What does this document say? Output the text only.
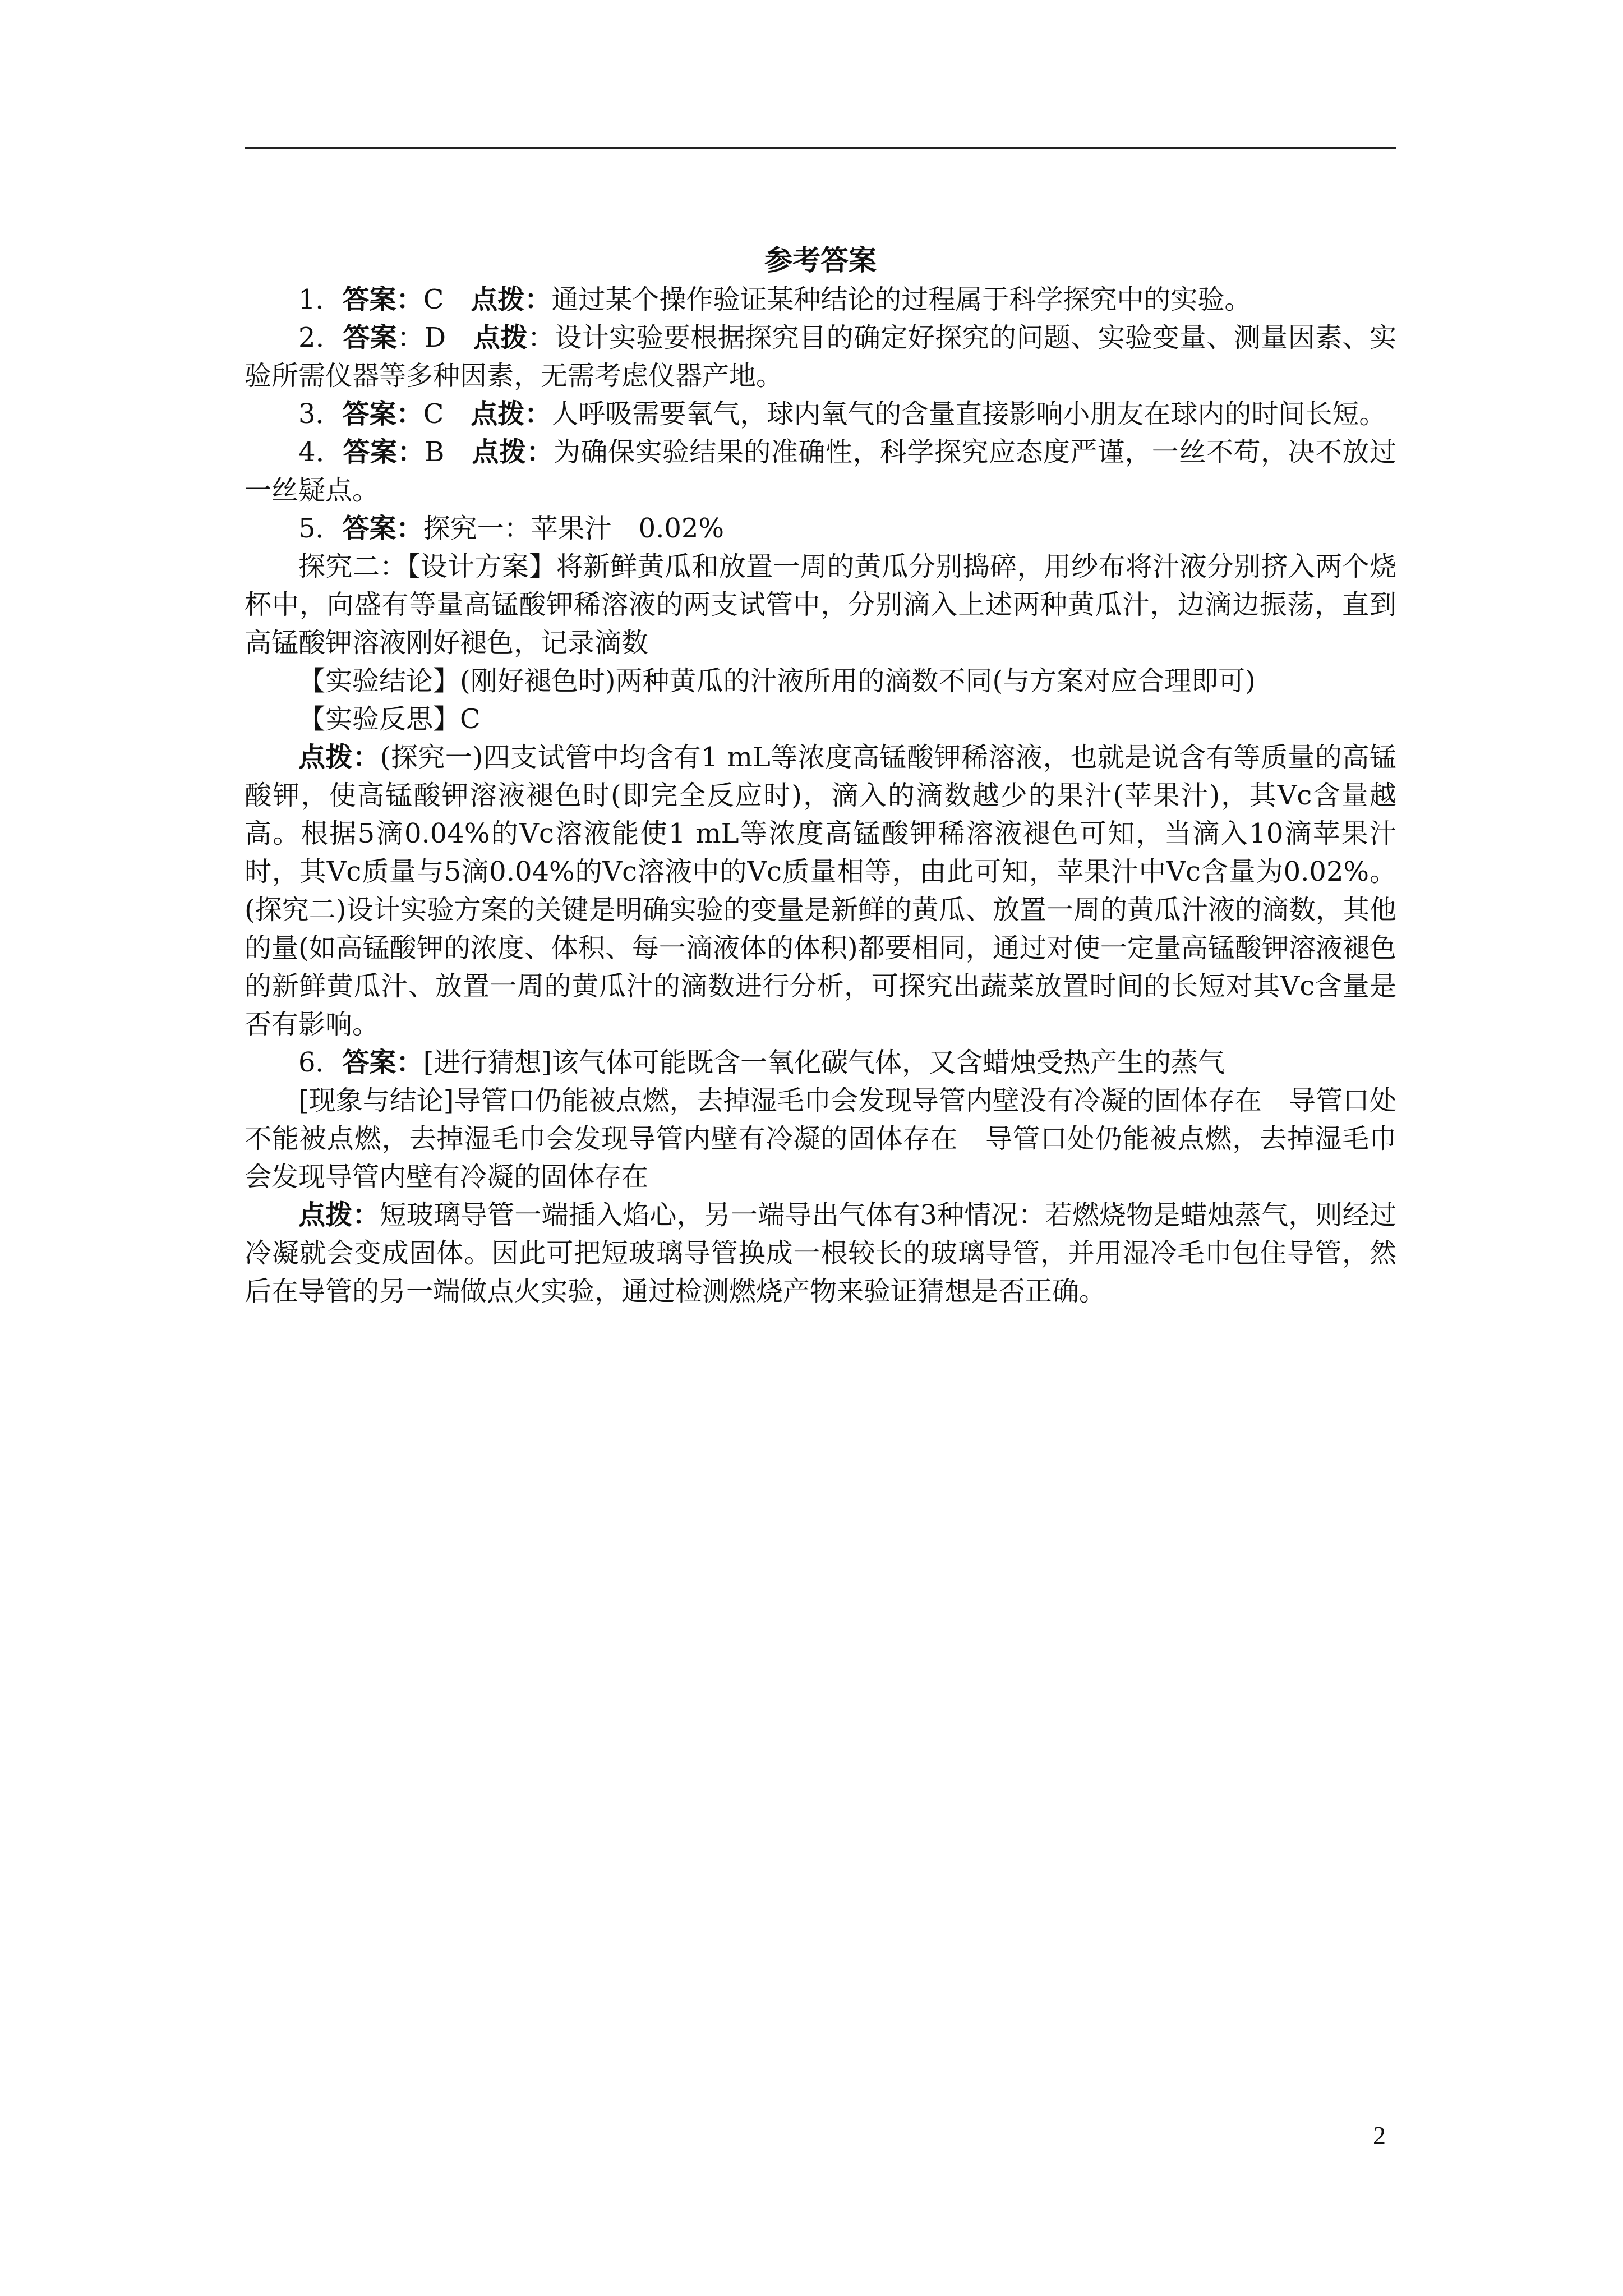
参考答案

1．答案：C　点拨：通过某个操作验证某种结论的过程属于科学探究中的实验。

2．答案：D　点拨：设计实验要根据探究目的确定好探究的问题、实验变量、测量因素、实验所需仪器等多种因素，无需考虑仪器产地。

3．答案：C　点拨：人呼吸需要氧气，球内氧气的含量直接影响小朋友在球内的时间长短。

4．答案：B　点拨：为确保实验结果的准确性，科学探究应态度严谨，一丝不苟，决不放过一丝疑点。

5．答案：探究一：苹果汁　0.02%

探究二：【设计方案】将新鲜黄瓜和放置一周的黄瓜分别捣碎，用纱布将汁液分别挤入两个烧杯中，向盛有等量高锰酸钾稀溶液的两支试管中，分别滴入上述两种黄瓜汁，边滴边振荡，直到高锰酸钾溶液刚好褪色，记录滴数

【实验结论】(刚好褪色时)两种黄瓜的汁液所用的滴数不同(与方案对应合理即可)

【实验反思】C

点拨：(探究一)四支试管中均含有1 mL等浓度高锰酸钾稀溶液，也就是说含有等质量的高锰酸钾，使高锰酸钾溶液褪色时(即完全反应时)，滴入的滴数越少的果汁(苹果汁)，其Vc含量越高。根据5滴0.04%的Vc溶液能使1 mL等浓度高锰酸钾稀溶液褪色可知，当滴入10滴苹果汁时，其Vc质量与5滴0.04%的Vc溶液中的Vc质量相等，由此可知，苹果汁中Vc含量为0.02%。(探究二)设计实验方案的关键是明确实验的变量是新鲜的黄瓜、放置一周的黄瓜汁液的滴数，其他的量(如高锰酸钾的浓度、体积、每一滴液体的体积)都要相同，通过对使一定量高锰酸钾溶液褪色的新鲜黄瓜汁、放置一周的黄瓜汁的滴数进行分析，可探究出蔬菜放置时间的长短对其Vc含量是否有影响。

6．答案：[进行猜想]该气体可能既含一氧化碳气体，又含蜡烛受热产生的蒸气

[现象与结论]导管口仍能被点燃，去掉湿毛巾会发现导管内壁没有冷凝的固体存在　导管口处不能被点燃，去掉湿毛巾会发现导管内壁有冷凝的固体存在　导管口处仍能被点燃，去掉湿毛巾会发现导管内壁有冷凝的固体存在

点拨：短玻璃导管一端插入焰心，另一端导出气体有3种情况：若燃烧物是蜡烛蒸气，则经过冷凝就会变成固体。因此可把短玻璃导管换成一根较长的玻璃导管，并用湿冷毛巾包住导管，然后在导管的另一端做点火实验，通过检测燃烧产物来验证猜想是否正确。

2
